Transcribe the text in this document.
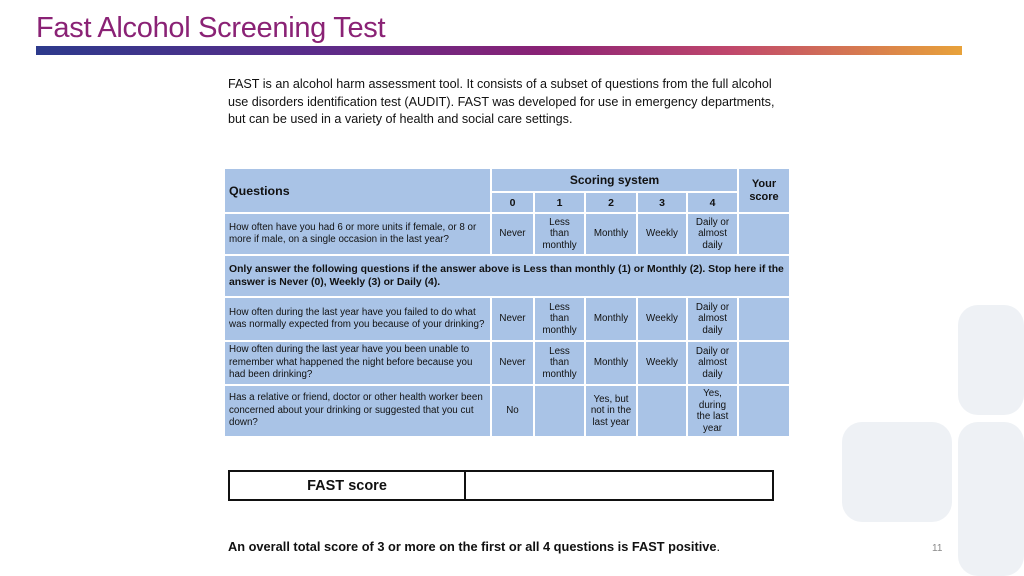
Fast Alcohol Screening Test
FAST is an alcohol harm assessment tool. It consists of a subset of questions from the full alcohol use disorders identification test (AUDIT). FAST was developed for use in emergency departments, but can be used in a variety of health and social care settings.
Questions	Scoring system					Your score
	0	1	2	3	4	
How often have you had 6 or more units if female, or 8 or more if male, on a single occasion in the last year?	Never	Less than monthly	Monthly	Weekly	Daily or almost daily	
Only answer the following questions if the answer above is Less than monthly (1) or Monthly (2). Stop here if the answer is Never (0), Weekly (3) or Daily (4).						
How often during the last year have you failed to do what was normally expected from you because of your drinking?	Never	Less than monthly	Monthly	Weekly	Daily or almost daily	
How often during the last year have you been unable to remember what happened the night before because you had been drinking?	Never	Less than monthly	Monthly	Weekly	Daily or almost daily	
Has a relative or friend, doctor or other health worker been concerned about your drinking or suggested that you cut down?	No		Yes, but not in the last year		Yes, during the last year	
FAST score	
An overall total score of 3 or more on the first or all 4 questions is FAST positive.	11
